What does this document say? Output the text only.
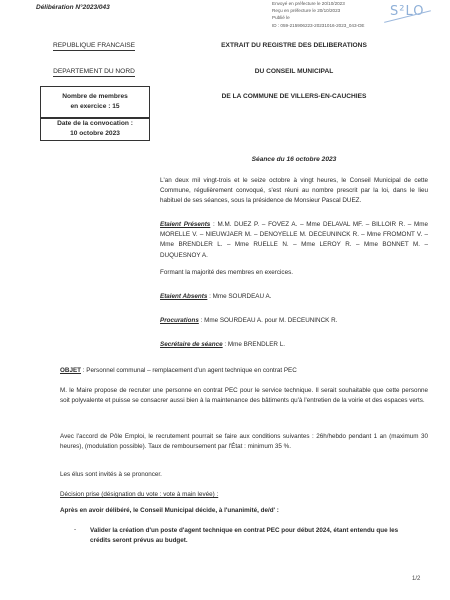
Délibération N°2023/043
Envoyé en préfecture le 20/10/2023
Reçu en préfecture le 20/10/2023
Publié le
ID : 059-215906223-20231016-2023_043-DE
S²LO
REPUBLIQUE FRANCAISE
DEPARTEMENT DU NORD
Nombre de membres
en exercice : 15
Date de la convocation :
10 octobre 2023
EXTRAIT DU REGISTRE DES DELIBERATIONS
DU CONSEIL MUNICIPAL
DE LA COMMUNE DE VILLERS-EN-CAUCHIES
Séance du 16 octobre 2023
L'an deux mil vingt-trois et le seize octobre à vingt heures, le Conseil Municipal de cette Commune, régulièrement convoqué, s'est réuni au nombre prescrit par la loi, dans le lieu habituel de ses séances, sous la présidence de Monsieur Pascal DUEZ.
Etaient Présents : M.M. DUEZ P. – FOVEZ A. – Mme DELAVAL MF. – BILLOIR R. – Mme MORELLE V. – NIEUWJAER M. – DENOYELLE M. DECEUNINCK R. – Mme FROMONT V. – Mme BRENDLER L. – Mme RUELLE N. – Mme LEROY R. – Mme BONNET M. – DUQUESNOY A.
Formant la majorité des membres en exercices.
Etaient Absents : Mme SOURDEAU A.
Procurations : Mme SOURDEAU A. pour M. DECEUNINCK R.
Secrétaire de séance : Mme BRENDLER L.
OBJET : Personnel communal – remplacement d'un agent technique en contrat PEC
M. le Maire propose de recruter une personne en contrat PEC pour le service technique. Il serait souhaitable que cette personne soit polyvalente et puisse se consacrer aussi bien à la maintenance des bâtiments qu'à l'entretien de la voirie et des espaces verts.
Avec l'accord de Pôle Emploi, le recrutement pourrait se faire aux conditions suivantes : 26h/hebdo pendant 1 an (maximum 30 heures), (modulation possible). Taux de remboursement par l'État : minimum 35 %.
Les élus sont invités à se prononcer.
Décision prise (désignation du vote : vote à main levée) :
Après en avoir délibéré, le Conseil Municipal décide, à l'unanimité, de/d' :
- Valider la création d'un poste d'agent technique en contrat PEC pour début 2024, étant entendu que les crédits seront prévus au budget.
1/2
